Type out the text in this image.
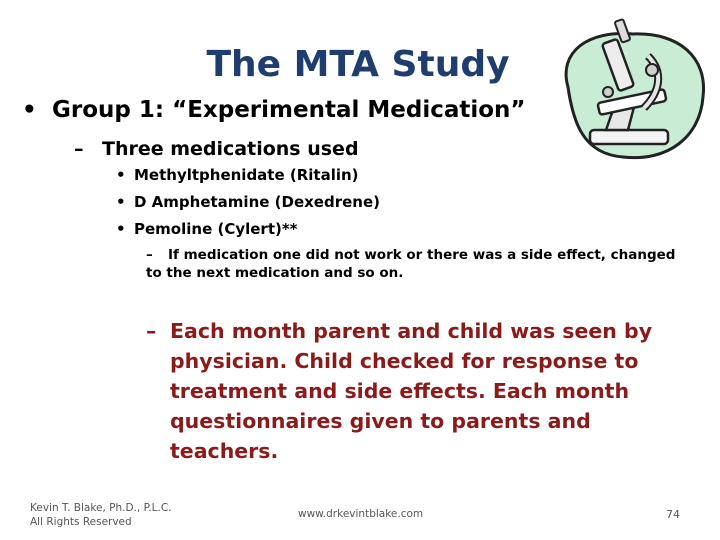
The MTA Study
• Group 1: “Experimental Medication”
– Three medications used
• Methyltphenidate (Ritalin)
• D Amphetamine (Dexedrene)
• Pemoline (Cylert)**
– If medication one did not work or there was a side effect, changed to the next medication and so on.
– Each month parent and child was seen by physician. Child checked for response to treatment and side effects. Each month questionnaires given to parents and teachers.
Kevin T. Blake, Ph.D., P.L.C.
All Rights Reserved
www.drkevintblake.com	74
